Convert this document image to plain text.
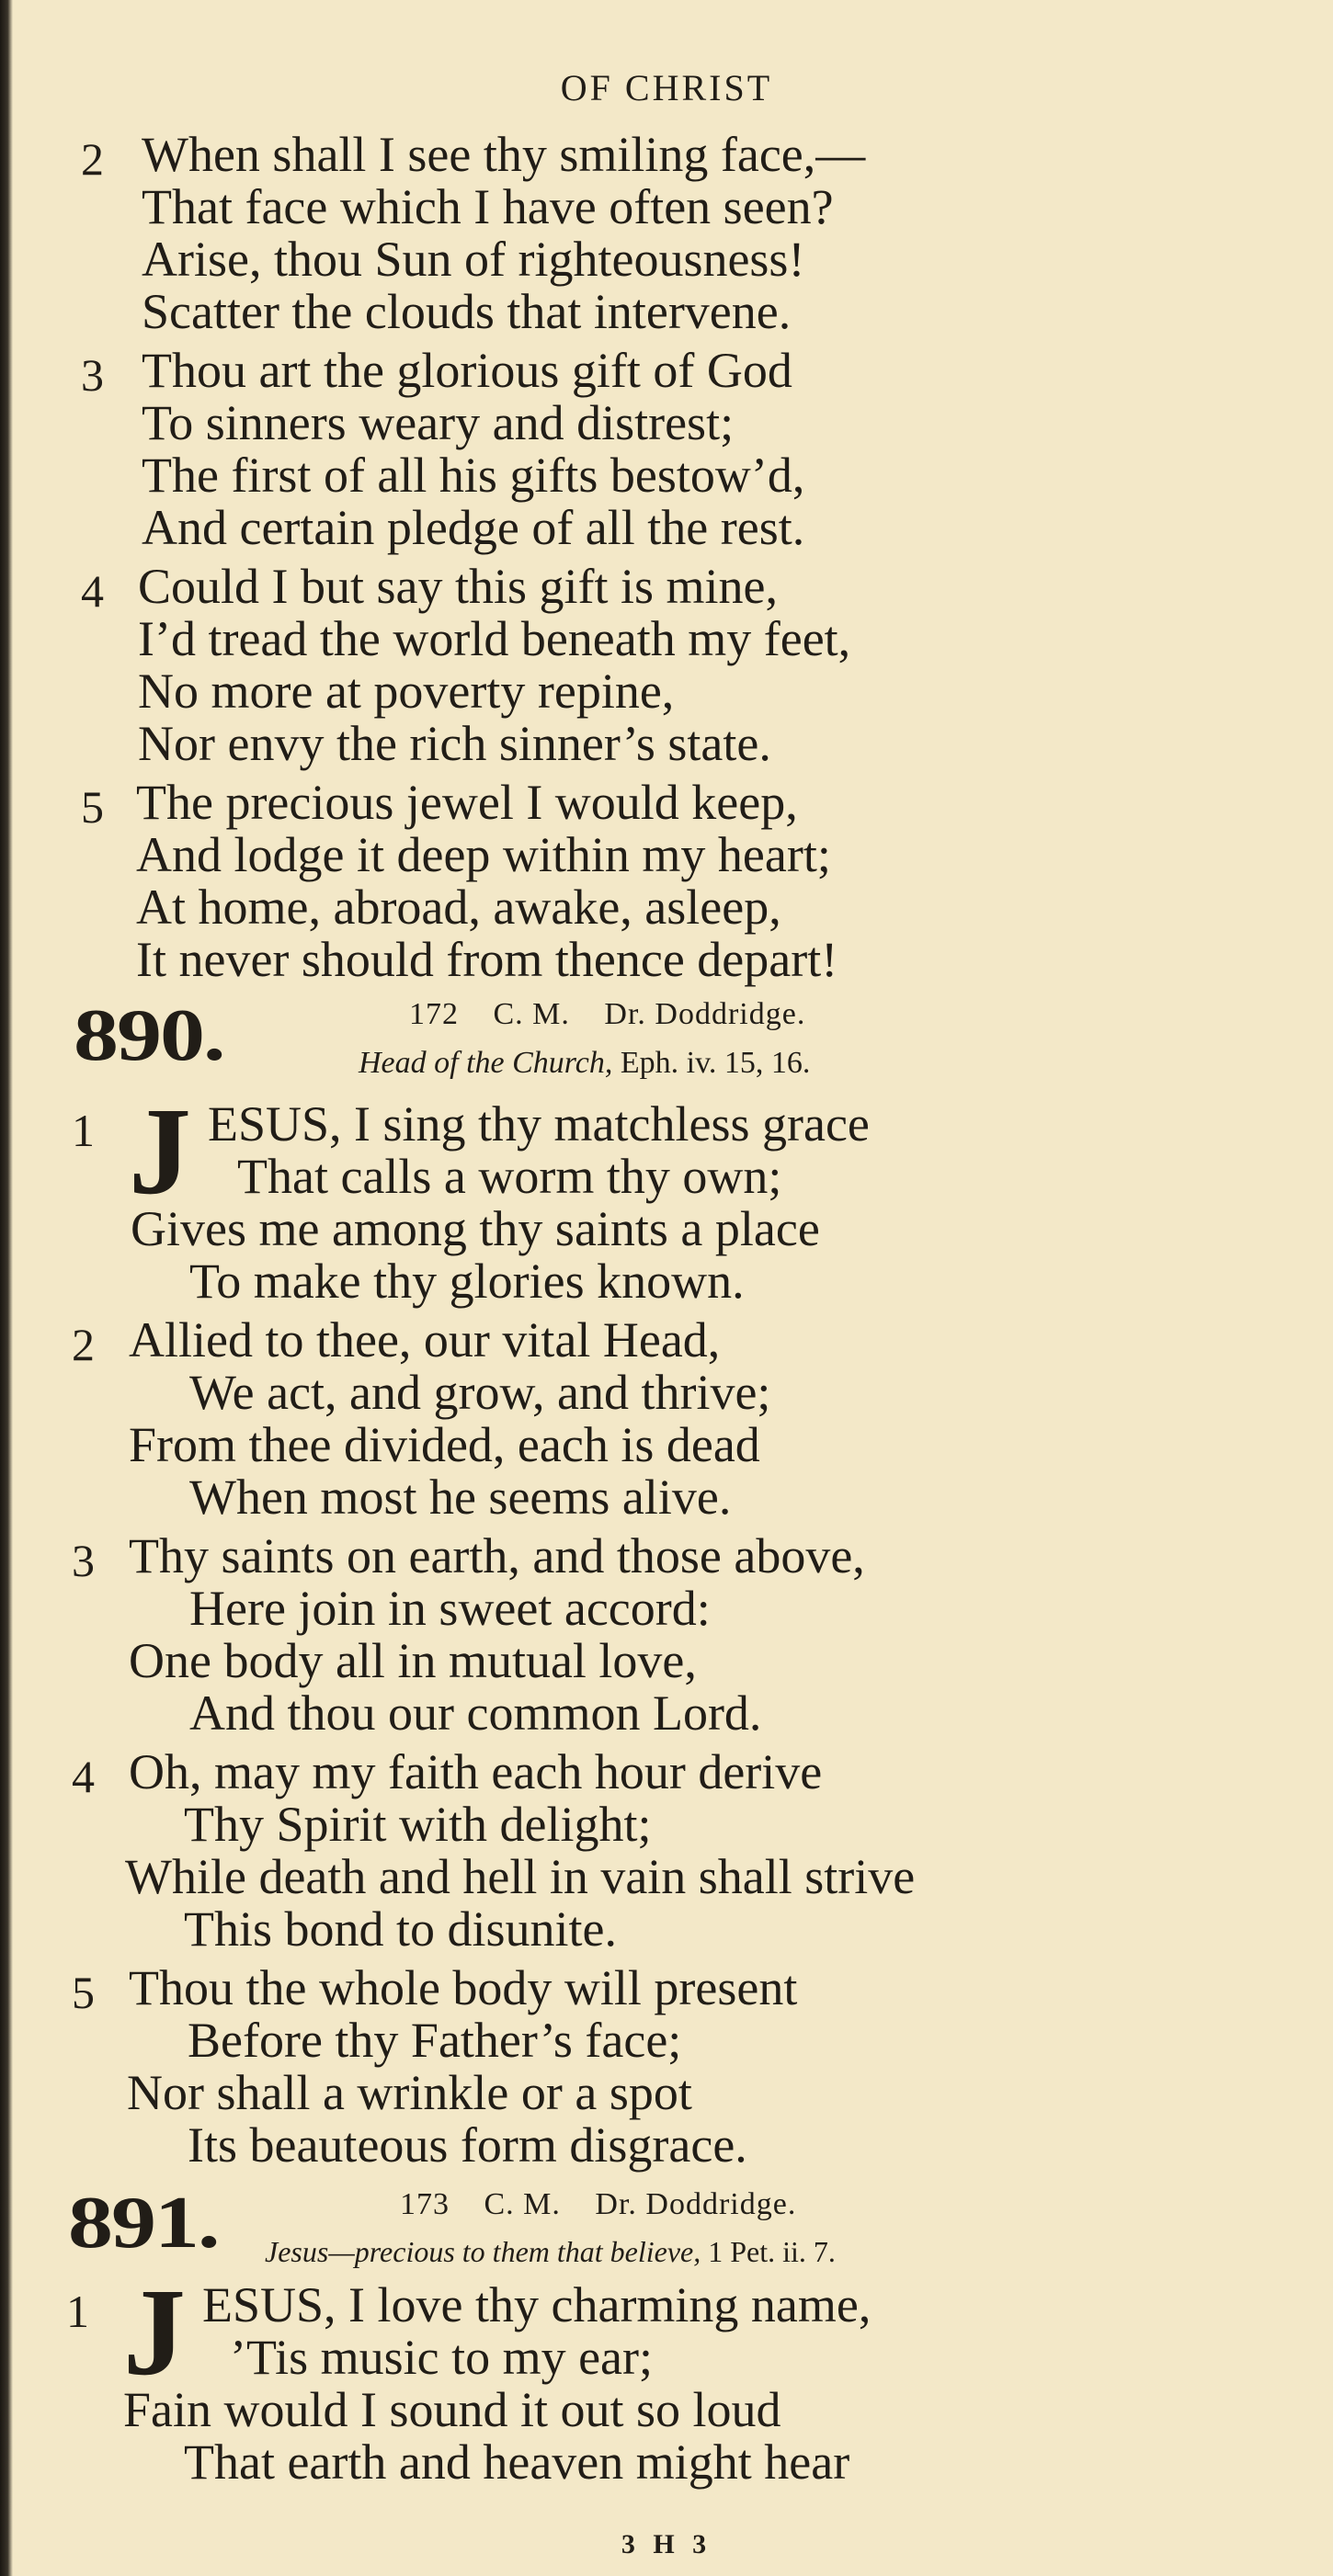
OF CHRIST
2 When shall I see thy smiling face,—
That face which I have often seen?
Arise, thou Sun of righteousness!
Scatter the clouds that intervene.
3 Thou art the glorious gift of God
To sinners weary and distrest;
The first of all his gifts bestow’d,
And certain pledge of all the rest.
4 Could I but say this gift is mine,
I’d tread the world beneath my feet,
No more at poverty repine,
Nor envy the rich sinner’s state.
5 The precious jewel I would keep,
And lodge it deep within my heart;
At home, abroad, awake, asleep,
It never should from thence depart!
890.	172 C. M. Dr. Doddridge.
Head of the Church, Eph. iv. 15, 16.
1 J ESUS, I sing thy matchless grace
That calls a worm thy own;
Gives me among thy saints a place
To make thy glories known.
2 Allied to thee, our vital Head,
We act, and grow, and thrive;
From thee divided, each is dead
When most he seems alive.
3 Thy saints on earth, and those above,
Here join in sweet accord:
One body all in mutual love,
And thou our common Lord.
4 Oh, may my faith each hour derive
Thy Spirit with delight;
While death and hell in vain shall strive
This bond to disunite.
5 Thou the whole body will present
Before thy Father’s face;
Nor shall a wrinkle or a spot
Its beauteous form disgrace.
891.	173 C. M. Dr. Doddridge.
Jesus—precious to them that believe, 1 Pet. ii. 7.
1 J ESUS, I love thy charming name,
’Tis music to my ear;
Fain would I sound it out so loud
That earth and heaven might hear
3 H 3
